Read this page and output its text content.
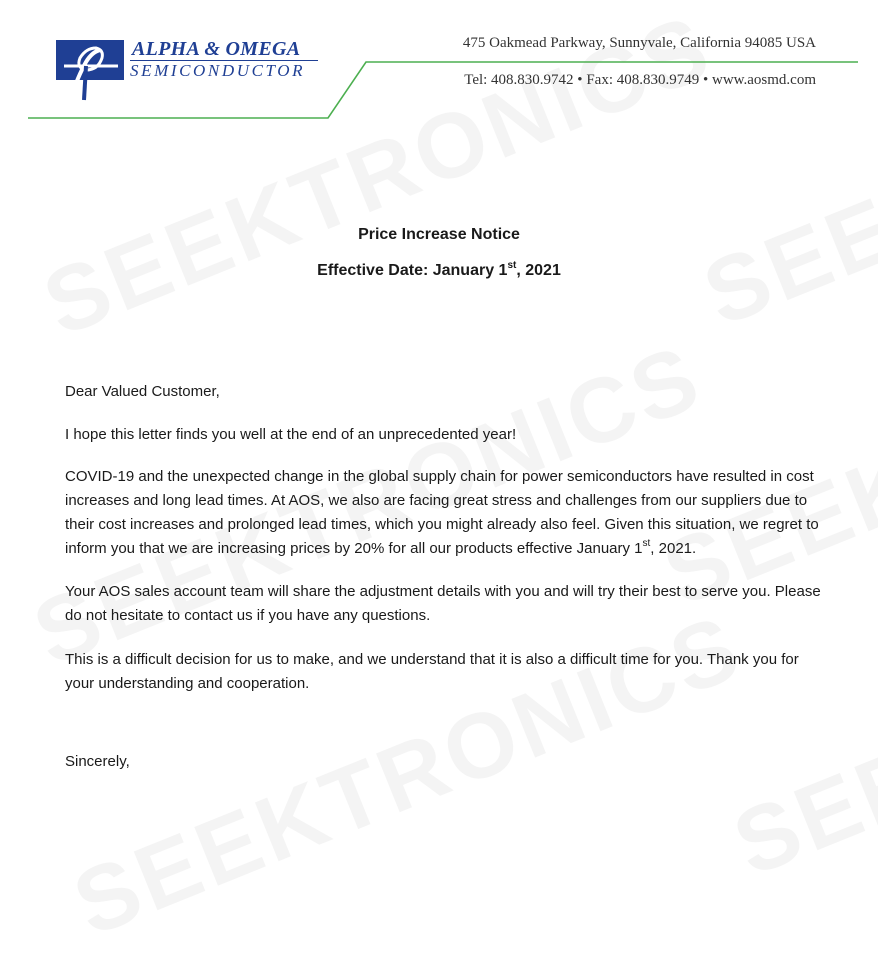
ALPHA & OMEGA

SEMICONDUCTOR

475 Oakmead Parkway, Sunnyvale, California 94085 USA

Tel: 408.830.9742 • Fax: 408.830.9749 • www.aosmd.com

Price Increase Notice

Effective Date: January 1st, 2021

Dear Valued Customer,

I hope this letter finds you well at the end of an unprecedented year!

COVID-19 and the unexpected change in the global supply chain for power semiconductors have resulted in cost increases and long lead times. At AOS, we also are facing great stress and challenges from our suppliers due to their cost increases and prolonged lead times, which you might already also feel. Given this situation, we regret to inform you that we are increasing prices by 20% for all our products effective January 1st, 2021.

Your AOS sales account team will share the adjustment details with you and will try their best to serve you. Please do not hesitate to contact us if you have any questions.

This is a difficult decision for us to make, and we understand that it is also a difficult time for you. Thank you for your understanding and cooperation.

Sincerely,
